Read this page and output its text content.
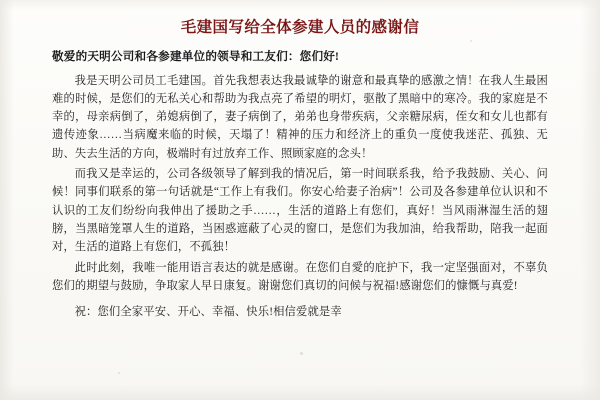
毛建国写给全体参建人员的感谢信

敬爱的天明公司和各参建单位的领导和工友们：您们好!

我是天明公司员工毛建国。首先我想表达我最诚挚的谢意和最真挚的感激之情！在我人生最困难的时候，是您们的无私关心和帮助为我点亮了希望的明灯，驱散了黑暗中的寒冷。我的家庭是不幸的，母亲病倒了，弟媳病倒了，妻子病倒了，弟弟也身带疾病，父亲糖尿病，侄女和女儿也都有遗传迹象……当病魔来临的时候，天塌了！精神的压力和经济上的重负一度使我迷茫、孤独、无助、失去生活的方向，极端时有过放弃工作、照顾家庭的念头！

而我又是幸运的，公司各级领导了解到我的情况后，第一时间联系我，给予我鼓励、关心、问候！同事们联系的第一句话就是“工作上有我们。你安心给妻子治病”！公司及各参建单位认识和不认识的工友们纷纷向我伸出了援助之手……，生活的道路上有您们，真好！当风雨淋湿生活的翅膀，当黑暗笼罩人生的道路，当困惑遮蔽了心灵的窗口，是您们为我加油，给我帮助，陪我一起面对，生活的道路上有您们，不孤独！

此时此刻，我唯一能用语言表达的就是感谢。在您们自愛的庇护下，我一定坚强面对，不辜负您们的期望与鼓励，争取家人早日康复。谢谢您们真切的问候与祝福!感谢您们的慷慨与真爱!

祝：您们全家平安、开心、幸福、快乐!相信爱就是幸
